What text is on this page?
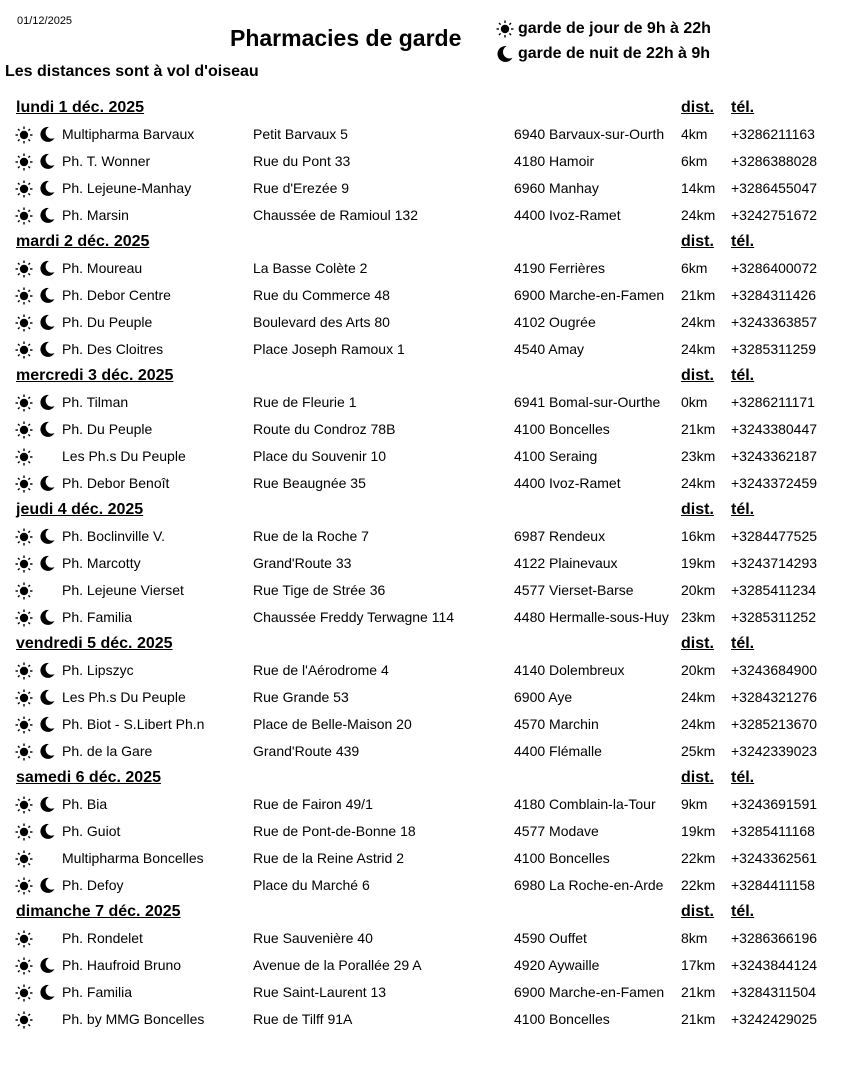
01/12/2025
Pharmacies de garde	garde de jour de 9h à 22h
garde de nuit de 22h à 9h
Les distances sont à vol d'oiseau
lundi 1 déc. 2025	dist. tél.
Multipharma Barvaux	Petit Barvaux 5	6940 Barvaux-sur-Ourth 4km +3286211163
Ph. T. Wonner	Rue du Pont 33	4180 Hamoir	6km +3286388028
Ph. Lejeune-Manhay	Rue d'Erezée 9	6960 Manhay	14km +3286455047
Ph. Marsin	Chaussée de Ramioul 132	4400 Ivoz-Ramet	24km +3242751672
mardi 2 déc. 2025	dist. tél.
Ph. Moureau	La Basse Colète 2	4190 Ferrières	6km +3286400072
Ph. Debor Centre	Rue du Commerce 48	6900 Marche-en-Famen 21km +3284311426
Ph. Du Peuple	Boulevard des Arts 80	4102 Ougrée	24km +3243363857
Ph. Des Cloitres	Place Joseph Ramoux 1	4540 Amay	24km +3285311259
mercredi 3 déc. 2025	dist. tél.
Ph. Tilman	Rue de Fleurie 1	6941 Bomal-sur-Ourthe 0km +3286211171
Ph. Du Peuple	Route du Condroz 78B	4100 Boncelles	21km +3243380447
Les Ph.s Du Peuple	Place du Souvenir 10	4100 Seraing	23km +3243362187
Ph. Debor Benoît	Rue Beaugnée 35	4400 Ivoz-Ramet	24km +3243372459
jeudi 4 déc. 2025	dist. tél.
Ph. Boclinville V.	Rue de la Roche 7	6987 Rendeux	16km +3284477525
Ph. Marcotty	Grand'Route 33	4122 Plainevaux	19km +3243714293
Ph. Lejeune Vierset	Rue Tige de Strée 36	4577 Vierset-Barse	20km +3285411234
Ph. Familia	Chaussée Freddy Terwagne 114	4480 Hermalle-sous-Huy 23km +3285311252
vendredi 5 déc. 2025	dist. tél.
Ph. Lipszyc	Rue de l'Aérodrome 4	4140 Dolembreux	20km +3243684900
Les Ph.s Du Peuple	Rue Grande 53	6900 Aye	24km +3284321276
Ph. Biot - S.Libert Ph.n	Place de Belle-Maison 20	4570 Marchin	24km +3285213670
Ph. de la Gare	Grand'Route 439	4400 Flémalle	25km +3242339023
samedi 6 déc. 2025	dist. tél.
Ph. Bia	Rue de Fairon 49/1	4180 Comblain-la-Tour 9km +3243691591
Ph. Guiot	Rue de Pont-de-Bonne 18	4577 Modave	19km +3285411168
Multipharma Boncelles	Rue de la Reine Astrid 2	4100 Boncelles	22km +3243362561
Ph. Defoy	Place du Marché 6	6980 La Roche-en-Arde 22km +3284411158
dimanche 7 déc. 2025	dist. tél.
Ph. Rondelet	Rue Sauvenière 40	4590 Ouffet	8km +3286366196
Ph. Haufroid Bruno	Avenue de la Porallée 29 A	4920 Aywaille	17km +3243844124
Ph. Familia	Rue Saint-Laurent 13	6900 Marche-en-Famen 21km +3284311504
Ph. by MMG Boncelles	Rue de Tilff 91A	4100 Boncelles	21km +3242429025
